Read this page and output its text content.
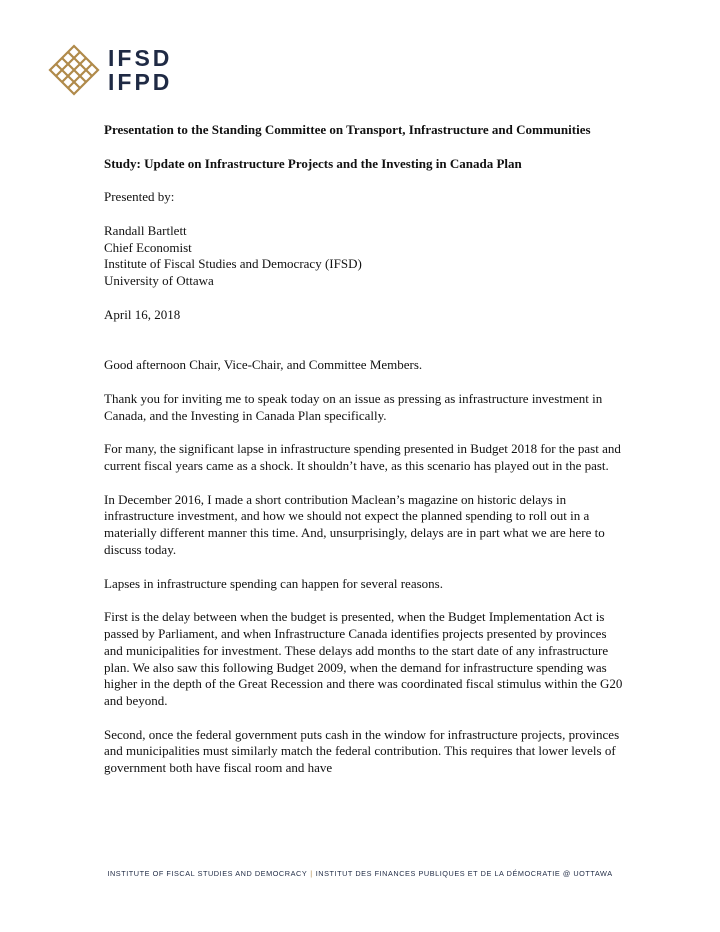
IFSD
IFPD

Presentation to the Standing Committee on Transport, Infrastructure and Communities

Study: Update on Infrastructure Projects and the Investing in Canada Plan

Presented by:

Randall Bartlett
Chief Economist
Institute of Fiscal Studies and Democracy (IFSD)
University of Ottawa

April 16, 2018

Good afternoon Chair, Vice-Chair, and Committee Members.

Thank you for inviting me to speak today on an issue as pressing as infrastructure investment in Canada, and the Investing in Canada Plan specifically.

For many, the significant lapse in infrastructure spending presented in Budget 2018 for the past and current fiscal years came as a shock. It shouldn’t have, as this scenario has played out in the past.

In December 2016, I made a short contribution Maclean’s magazine on historic delays in infrastructure investment, and how we should not expect the planned spending to roll out in a materially different manner this time. And, unsurprisingly, delays are in part what we are here to discuss today.

Lapses in infrastructure spending can happen for several reasons.

First is the delay between when the budget is presented, when the Budget Implementation Act is passed by Parliament, and when Infrastructure Canada identifies projects presented by provinces and municipalities for investment. These delays add months to the start date of any infrastructure plan. We also saw this following Budget 2009, when the demand for infrastructure spending was higher in the depth of the Great Recession and there was coordinated fiscal stimulus within the G20 and beyond.

Second, once the federal government puts cash in the window for infrastructure projects, provinces and municipalities must similarly match the federal contribution. This requires that lower levels of government both have fiscal room and have

INSTITUTE OF FISCAL STUDIES AND DEMOCRACY | INSTITUT DES FINANCES PUBLIQUES ET DE LA DÉMOCRATIE @ UOTTAWA
